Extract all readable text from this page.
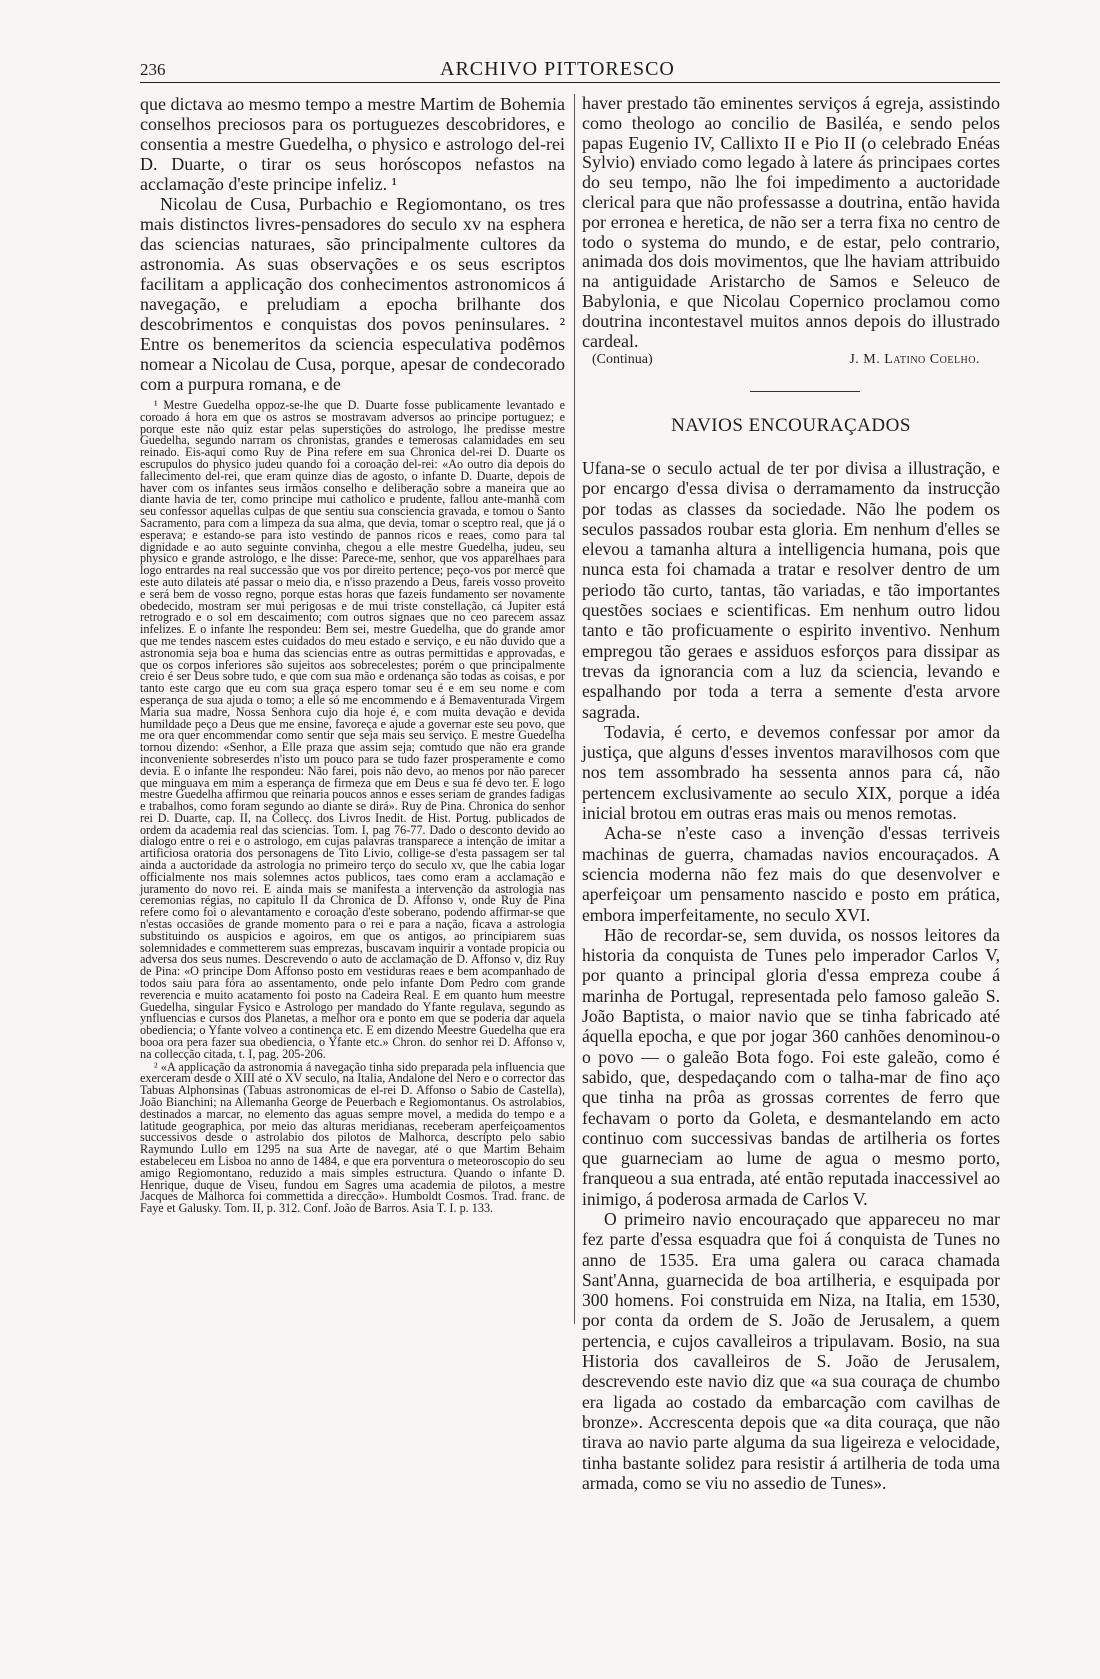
236	ARCHIVO PITTORESCO

que dictava ao mesmo tempo a mestre Martim de Bohemia conselhos preciosos para os portuguezes descobridores, e consentia a mestre Guedelha, o physico e astrologo del-rei D. Duarte, o tirar os seus horóscopos nefastos na acclamação d'este principe infeliz. ¹

Nicolau de Cusa, Purbachio e Regiomontano, os tres mais distinctos livres-pensadores do seculo xv na esphera das sciencias naturaes, são principalmente cultores da astronomia. As suas observações e os seus escriptos facilitam a applicação dos conhecimentos astronomicos á navegação, e preludiam a epocha brilhante dos descobrimentos e conquistas dos povos peninsulares. ² Entre os benemeritos da sciencia especulativa podêmos nomear a Nicolau de Cusa, porque, apesar de condecorado com a purpura romana, e de

¹ Mestre Guedelha oppoz-se-lhe que D. Duarte fosse publicamente levantado e coroado á hora em que os astros se mostravam adversos ao principe portuguez; e porque este não quiz estar pelas superstições do astrologo, lhe predisse mestre Guedelha, segundo narram os chronistas, grandes e temerosas calamidades em seu reinado. Eis-aqui como Ruy de Pina refere em sua Chronica del-rei D. Duarte os escrupulos do physico judeu quando foi a coroação del-rei: «Ao outro dia depois do fallecimento del-rei, que eram quinze dias de agosto, o infante D. Duarte, depois de haver com os infantes seus irmãos conselho e deliberação sobre a maneira que ao diante havia de ter, como principe mui catholico e prudente, fallou ante-manhã com seu confessor aquellas culpas de que sentiu sua consciencia gravada, e tomou o Santo Sacramento, para com a limpeza da sua alma, que devia, tomar o sceptro real, que já o esperava; e estando-se para isto vestindo de pannos ricos e reaes, como para tal dignidade e ao auto seguinte convinha, chegou a elle mestre Guedelha, judeu, seu physico e grande astrologo, e lhe disse: Parece-me, senhor, que vos apparelhaes para logo entrardes na real successão que vos por direito pertence; peço-vos por mercê que este auto dilateis até passar o meio dia, e n'isso prazendo a Deus, fareis vosso proveito e será bem de vosso regno, porque estas horas que fazeis fundamento ser novamente obedecido, mostram ser mui perigosas e de mui triste constellação, cá Jupiter está retrogrado e o sol em descaimento; com outros signaes que no ceo parecem assaz infelizes. E o infante lhe respondeu: Bem sei, mestre Guedelha, que do grande amor que me tendes nascem estes cuidados do meu estado e serviço, e eu não duvido que a astronomia seja boa e huma das sciencias entre as outras permittidas e approvadas, e que os corpos inferiores são sujeitos aos sobrecelestes; porém o que principalmente creio é ser Deus sobre tudo, e que com sua mão e ordenança são todas as coisas, e por tanto este cargo que eu com sua graça espero tomar seu é e em seu nome e com esperança de sua ajuda o tomo; a elle só me encommendo e á Bemaventurada Virgem Maria sua madre, Nossa Senhora cujo dia hoje é, e com muita devação e devida humildade peço a Deus que me ensine, favoreça e ajude a governar este seu povo, que me ora quer encommendar como sentir que seja mais seu serviço. E mestre Guedelha tornou dizendo: «Senhor, a Elle praza que assim seja; comtudo que não era grande inconveniente sobreserdes n'isto um pouco para se tudo fazer prosperamente e como devia. E o infante lhe respondeu: Não farei, pois não devo, ao menos por não parecer que minguava em mim a esperança de firmeza que em Deus e sua fé devo ter. E logo mestre Guedelha affirmou que reinaria poucos annos e esses seriam de grandes fadigas e trabalhos, como foram segundo ao diante se dirá». Ruy de Pina. Chronica do senhor rei D. Duarte, cap. II, na Collecç. dos Livros Inedit. de Hist. Portug. publicados de ordem da academia real das sciencias. Tom. I, pag 76-77. Dado o desconto devido ao dialogo entre o rei e o astrologo, em cujas palavras transparece a intenção de imitar a artificiosa oratoria dos personagens de Tito Livio, collige-se d'esta passagem ser tal ainda a auctoridade da astrologia no primeiro terço do seculo xv, que lhe cabia logar officialmente nos mais solemnes actos publicos, taes como eram a acclamação e juramento do novo rei. E ainda mais se manifesta a intervenção da astrologia nas ceremonias régias, no capitulo II da Chronica de D. Affonso v, onde Ruy de Pina refere como foi o alevantamento e coroação d'este soberano, podendo affirmar-se que n'estas occasiões de grande momento para o rei e para a nação, ficava a astrologia substituindo os auspicios e agoiros, em que os antigos, ao principiarem suas solemnidades e commetterem suas emprezas, buscavam inquirir a vontade propicia ou adversa dos seus numes. Descrevendo o auto de acclamação de D. Affonso v, diz Ruy de Pina: «O principe Dom Affonso posto em vestiduras reaes e bem acompanhado de todos saiu para fóra ao assentamento, onde pelo infante Dom Pedro com grande reverencia e muito acatamento foi posto na Cadeira Real. E em quanto hum meestre Guedelha, singular Fysico e Astrologo per mandado do Yfante regulava, segundo as ynfluencias e cursos dos Planetas, a melhor ora e ponto em que se poderia dar aquela obediencia; o Yfante volveo a continença etc. E em dizendo Meestre Guedelha que era booa ora pera fazer sua obediencia, o Yfante etc.» Chron. do senhor rei D. Affonso v, na collecção citada, t. I, pag. 205-206.

² «A applicação da astronomia á navegação tinha sido preparada pela influencia que exerceram desde o XIII até o XV seculo, na Italia, Andalone del Nero e o corrector das Tabuas Alphonsinas (Tabuas astronomicas de el-rei D. Affonso o Sabio de Castella), João Bianchini; na Allemanha George de Peuerbach e Regiomontanus. Os astrolabios, destinados a marcar, no elemento das aguas sempre movel, a medida do tempo e a latitude geographica, por meio das alturas meridianas, receberam aperfeiçoamentos successivos desde o astrolabio dos pilotos de Malhorca, descripto pelo sabio Raymundo Lullo em 1295 na sua Arte de navegar, até o que Martim Behaim estabeleceu em Lisboa no anno de 1484, e que era porventura o meteoroscopio do seu amigo Regiomontano, reduzido a mais simples estructura. Quando o infante D. Henrique, duque de Viseu, fundou em Sagres uma academia de pilotos, a mestre Jacques de Malhorca foi commettida a direcção». Humboldt Cosmos. Trad. franc. de Faye et Galusky. Tom. II, p. 312. Conf. João de Barros. Asia T. I. p. 133.

haver prestado tão eminentes serviços á egreja, assistindo como theologo ao concilio de Basiléa, e sendo pelos papas Eugenio IV, Callixto II e Pio II (o celebrado Enéas Sylvio) enviado como legado à latere ás principaes cortes do seu tempo, não lhe foi impedimento a auctoridade clerical para que não professasse a doutrina, então havida por erronea e heretica, de não ser a terra fixa no centro de todo o systema do mundo, e de estar, pelo contrario, animada dos dois movimentos, que lhe haviam attribuido na antiguidade Aristarcho de Samos e Seleuco de Babylonia, e que Nicolau Copernico proclamou como doutrina incontestavel muitos annos depois do illustrado cardeal.

(Continua)	J. M. Latino Coelho.
NAVIOS ENCOURAÇADOS

Ufana-se o seculo actual de ter por divisa a illustração, e por encargo d'essa divisa o derramamento da instrucção por todas as classes da sociedade. Não lhe podem os seculos passados roubar esta gloria. Em nenhum d'elles se elevou a tamanha altura a intelligencia humana, pois que nunca esta foi chamada a tratar e resolver dentro de um periodo tão curto, tantas, tão variadas, e tão importantes questões sociaes e scientificas. Em nenhum outro lidou tanto e tão proficuamente o espirito inventivo. Nenhum empregou tão geraes e assiduos esforços para dissipar as trevas da ignorancia com a luz da sciencia, levando e espalhando por toda a terra a semente d'esta arvore sagrada.

Todavia, é certo, e devemos confessar por amor da justiça, que alguns d'esses inventos maravilhosos com que nos tem assombrado ha sessenta annos para cá, não pertencem exclusivamente ao seculo XIX, porque a idéa inicial brotou em outras eras mais ou menos remotas.

Acha-se n'este caso a invenção d'essas terriveis machinas de guerra, chamadas navios encouraçados. A sciencia moderna não fez mais do que desenvolver e aperfeiçoar um pensamento nascido e posto em prática, embora imperfeitamente, no seculo XVI.

Hão de recordar-se, sem duvida, os nossos leitores da historia da conquista de Tunes pelo imperador Carlos V, por quanto a principal gloria d'essa empreza coube á marinha de Portugal, representada pelo famoso galeão S. João Baptista, o maior navio que se tinha fabricado até áquella epocha, e que por jogar 360 canhões denominou-o o povo — o galeão Bota fogo. Foi este galeão, como é sabido, que, despedaçando com o talha-mar de fino aço que tinha na prôa as grossas correntes de ferro que fechavam o porto da Goleta, e desmantelando em acto continuo com successivas bandas de artilheria os fortes que guarneciam ao lume de agua o mesmo porto, franqueou a sua entrada, até então reputada inaccessivel ao inimigo, á poderosa armada de Carlos V.

O primeiro navio encouraçado que appareceu no mar fez parte d'essa esquadra que foi á conquista de Tunes no anno de 1535. Era uma galera ou caraca chamada Sant'Anna, guarnecida de boa artilheria, e esquipada por 300 homens. Foi construida em Niza, na Italia, em 1530, por conta da ordem de S. João de Jerusalem, a quem pertencia, e cujos cavalleiros a tripulavam. Bosio, na sua Historia dos cavalleiros de S. João de Jerusalem, descrevendo este navio diz que «a sua couraça de chumbo era ligada ao costado da embarcação com cavilhas de bronze». Accrescenta depois que «a dita couraça, que não tirava ao navio parte alguma da sua ligeireza e velocidade, tinha bastante solidez para resistir á artilheria de toda uma armada, como se viu no assedio de Tunes».
